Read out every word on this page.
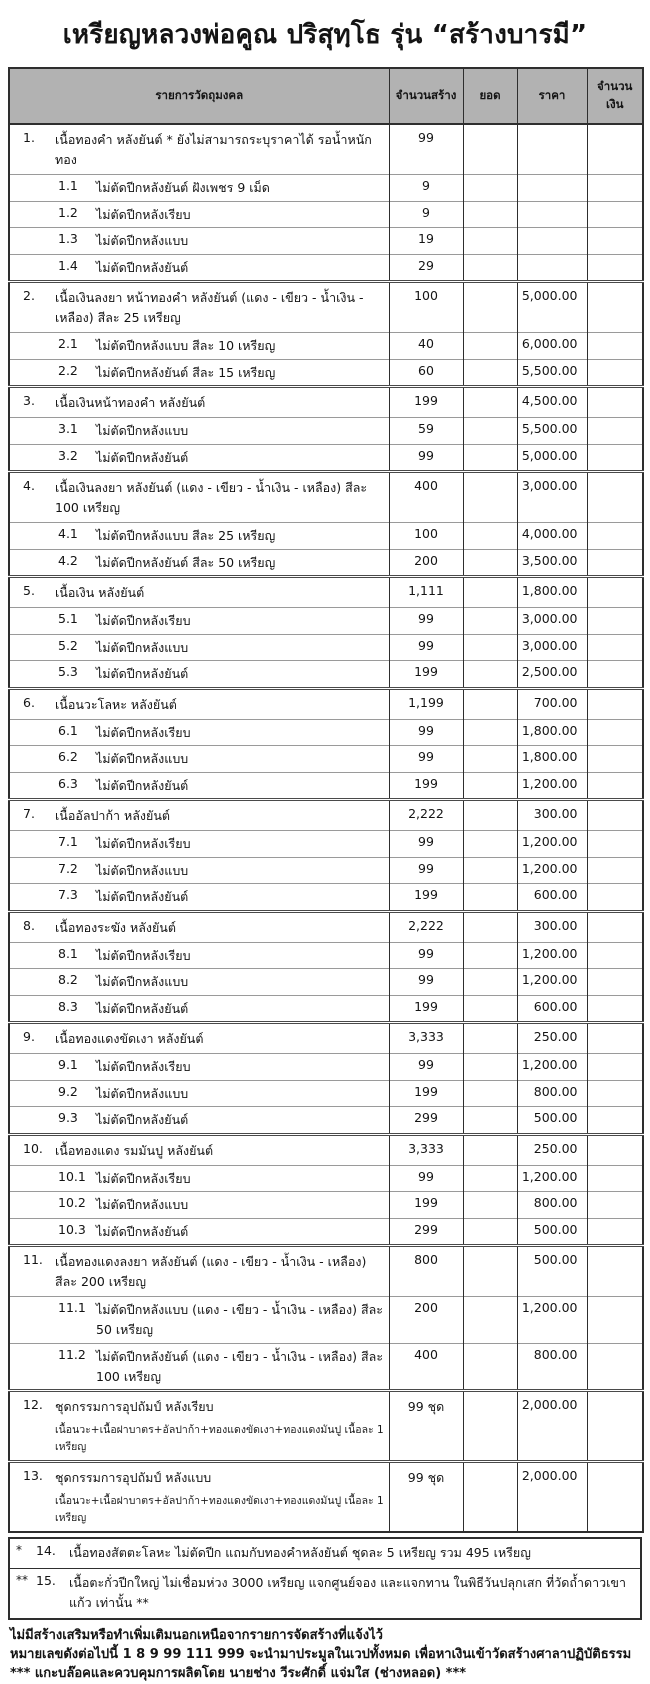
เหรียญหลวงพ่อคูณ ปริสุทฺโธ รุ่น “สร้างบารมี”
รายการวัดถุมงคล	จำนวนสร้าง	ยอด	ราคา	จำนวนเงิน

1. เนื้อทองคำ หลังยันต์ * ยังไม่สามารถระบุราคาได้ รอน้ำหนักทอง	99			

1.1 ไม่ตัดปีกหลังยันต์ ฝังเพชร 9 เม็ด	9			

1.2 ไม่ตัดปีกหลังเรียบ	9			

1.3 ไม่ตัดปีกหลังแบบ	19			

1.4 ไม่ตัดปีกหลังยันต์	29			

2. เนื้อเงินลงยา หน้าทองคำ หลังยันต์ (แดง - เขียว - น้ำเงิน - เหลือง) สีละ 25 เหรียญ	100		5,000.00	

2.1 ไม่ตัดปีกหลังแบบ สีละ 10 เหรียญ	40		6,000.00	

2.2 ไม่ตัดปีกหลังยันต์ สีละ 15 เหรียญ	60		5,500.00	

3. เนื้อเงินหน้าทองคำ หลังยันต์	199		4,500.00	

3.1 ไม่ตัดปีกหลังแบบ	59		5,500.00	

3.2 ไม่ตัดปีกหลังยันต์	99		5,000.00	

4. เนื้อเงินลงยา หลังยันต์ (แดง - เขียว - น้ำเงิน - เหลือง) สีละ 100 เหรียญ	400		3,000.00	

4.1 ไม่ตัดปีกหลังแบบ สีละ 25 เหรียญ	100		4,000.00	

4.2 ไม่ตัดปีกหลังยันต์ สีละ 50 เหรียญ	200		3,500.00	

5. เนื้อเงิน หลังยันต์	1,111		1,800.00	

5.1 ไม่ตัดปีกหลังเรียบ	99		3,000.00	

5.2 ไม่ตัดปีกหลังแบบ	99		3,000.00	

5.3 ไม่ตัดปีกหลังยันต์	199		2,500.00	

6. เนื้อนวะโลหะ หลังยันต์	1,199		700.00	

6.1 ไม่ตัดปีกหลังเรียบ	99		1,800.00	

6.2 ไม่ตัดปีกหลังแบบ	99		1,800.00	

6.3 ไม่ตัดปีกหลังยันต์	199		1,200.00	

7. เนื้ออัลปาก้า หลังยันต์	2,222		300.00	

7.1 ไม่ตัดปีกหลังเรียบ	99		1,200.00	

7.2 ไม่ตัดปีกหลังแบบ	99		1,200.00	

7.3 ไม่ตัดปีกหลังยันต์	199		600.00	

8. เนื้อทองระฆัง หลังยันต์	2,222		300.00	

8.1 ไม่ตัดปีกหลังเรียบ	99		1,200.00	

8.2 ไม่ตัดปีกหลังแบบ	99		1,200.00	

8.3 ไม่ตัดปีกหลังยันต์	199		600.00	

9. เนื้อทองแดงขัดเงา หลังยันต์	3,333		250.00	

9.1 ไม่ตัดปีกหลังเรียบ	99		1,200.00	

9.2 ไม่ตัดปีกหลังแบบ	199		800.00	

9.3 ไม่ตัดปีกหลังยันต์	299		500.00	

10. เนื้อทองแดง รมมันปู หลังยันต์	3,333		250.00	

10.1 ไม่ตัดปีกหลังเรียบ	99		1,200.00	

10.2 ไม่ตัดปีกหลังแบบ	199		800.00	

10.3 ไม่ตัดปีกหลังยันต์	299		500.00	

11. เนื้อทองแดงลงยา หลังยันต์ (แดง - เขียว - น้ำเงิน - เหลือง) สีละ 200 เหรียญ	800		500.00	

11.1 ไม่ตัดปีกหลังแบบ (แดง - เขียว - น้ำเงิน - เหลือง) สีละ 50 เหรียญ	200		1,200.00	

11.2 ไม่ตัดปีกหลังยันต์ (แดง - เขียว - น้ำเงิน - เหลือง) สีละ 100 เหรียญ	400		800.00	

12. ชุดกรรมการอุปถัมป์ หลังเรียบ
เนื้อนวะ+เนื้อฝาบาตร+อัลปาก้า+ทองแดงขัดเงา+ทองแดงมันปู เนื้อละ 1 เหรียญ	99 ชุด		2,000.00	

13. ชุดกรรมการอุปถัมป์ หลังแบบ
เนื้อนวะ+เนื้อฝาบาตร+อัลปาก้า+ทองแดงขัดเงา+ทองแดงมันปู เนื้อละ 1 เหรียญ	99 ชุด		2,000.00	
*	14.	เนื้อทองสัตตะโลหะ ไม่ตัดปีก แถมกับทองคำหลังยันต์ ชุดละ 5 เหรียญ รวม 495 เหรียญ
** 15.	เนื้อตะกั่วปีกใหญ่ ไม่เชื่อมห่วง 3000 เหรียญ แจกศูนย์จอง และแจกทาน ในพิธีวันปลุกเสก ที่วัดถ้ำดาวเขาแก้ว เท่านั้น **

ไม่มีสร้างเสริมหรือทำเพิ่มเติมนอกเหนือจากรายการจัดสร้างที่แจ้งไว้

หมายเลขดังต่อไปนี้ 1 8 9 99 111 999 จะนำมาประมูลในเวปทั้งหมด เพื่อหาเงินเข้าวัดสร้างศาลาปฏิบัติธรรม

*** แกะบล๊อคและควบคุมการผลิตโดย นายช่าง วีระศักดิ์ แจ่มใส (ช่างหลอด) ***
